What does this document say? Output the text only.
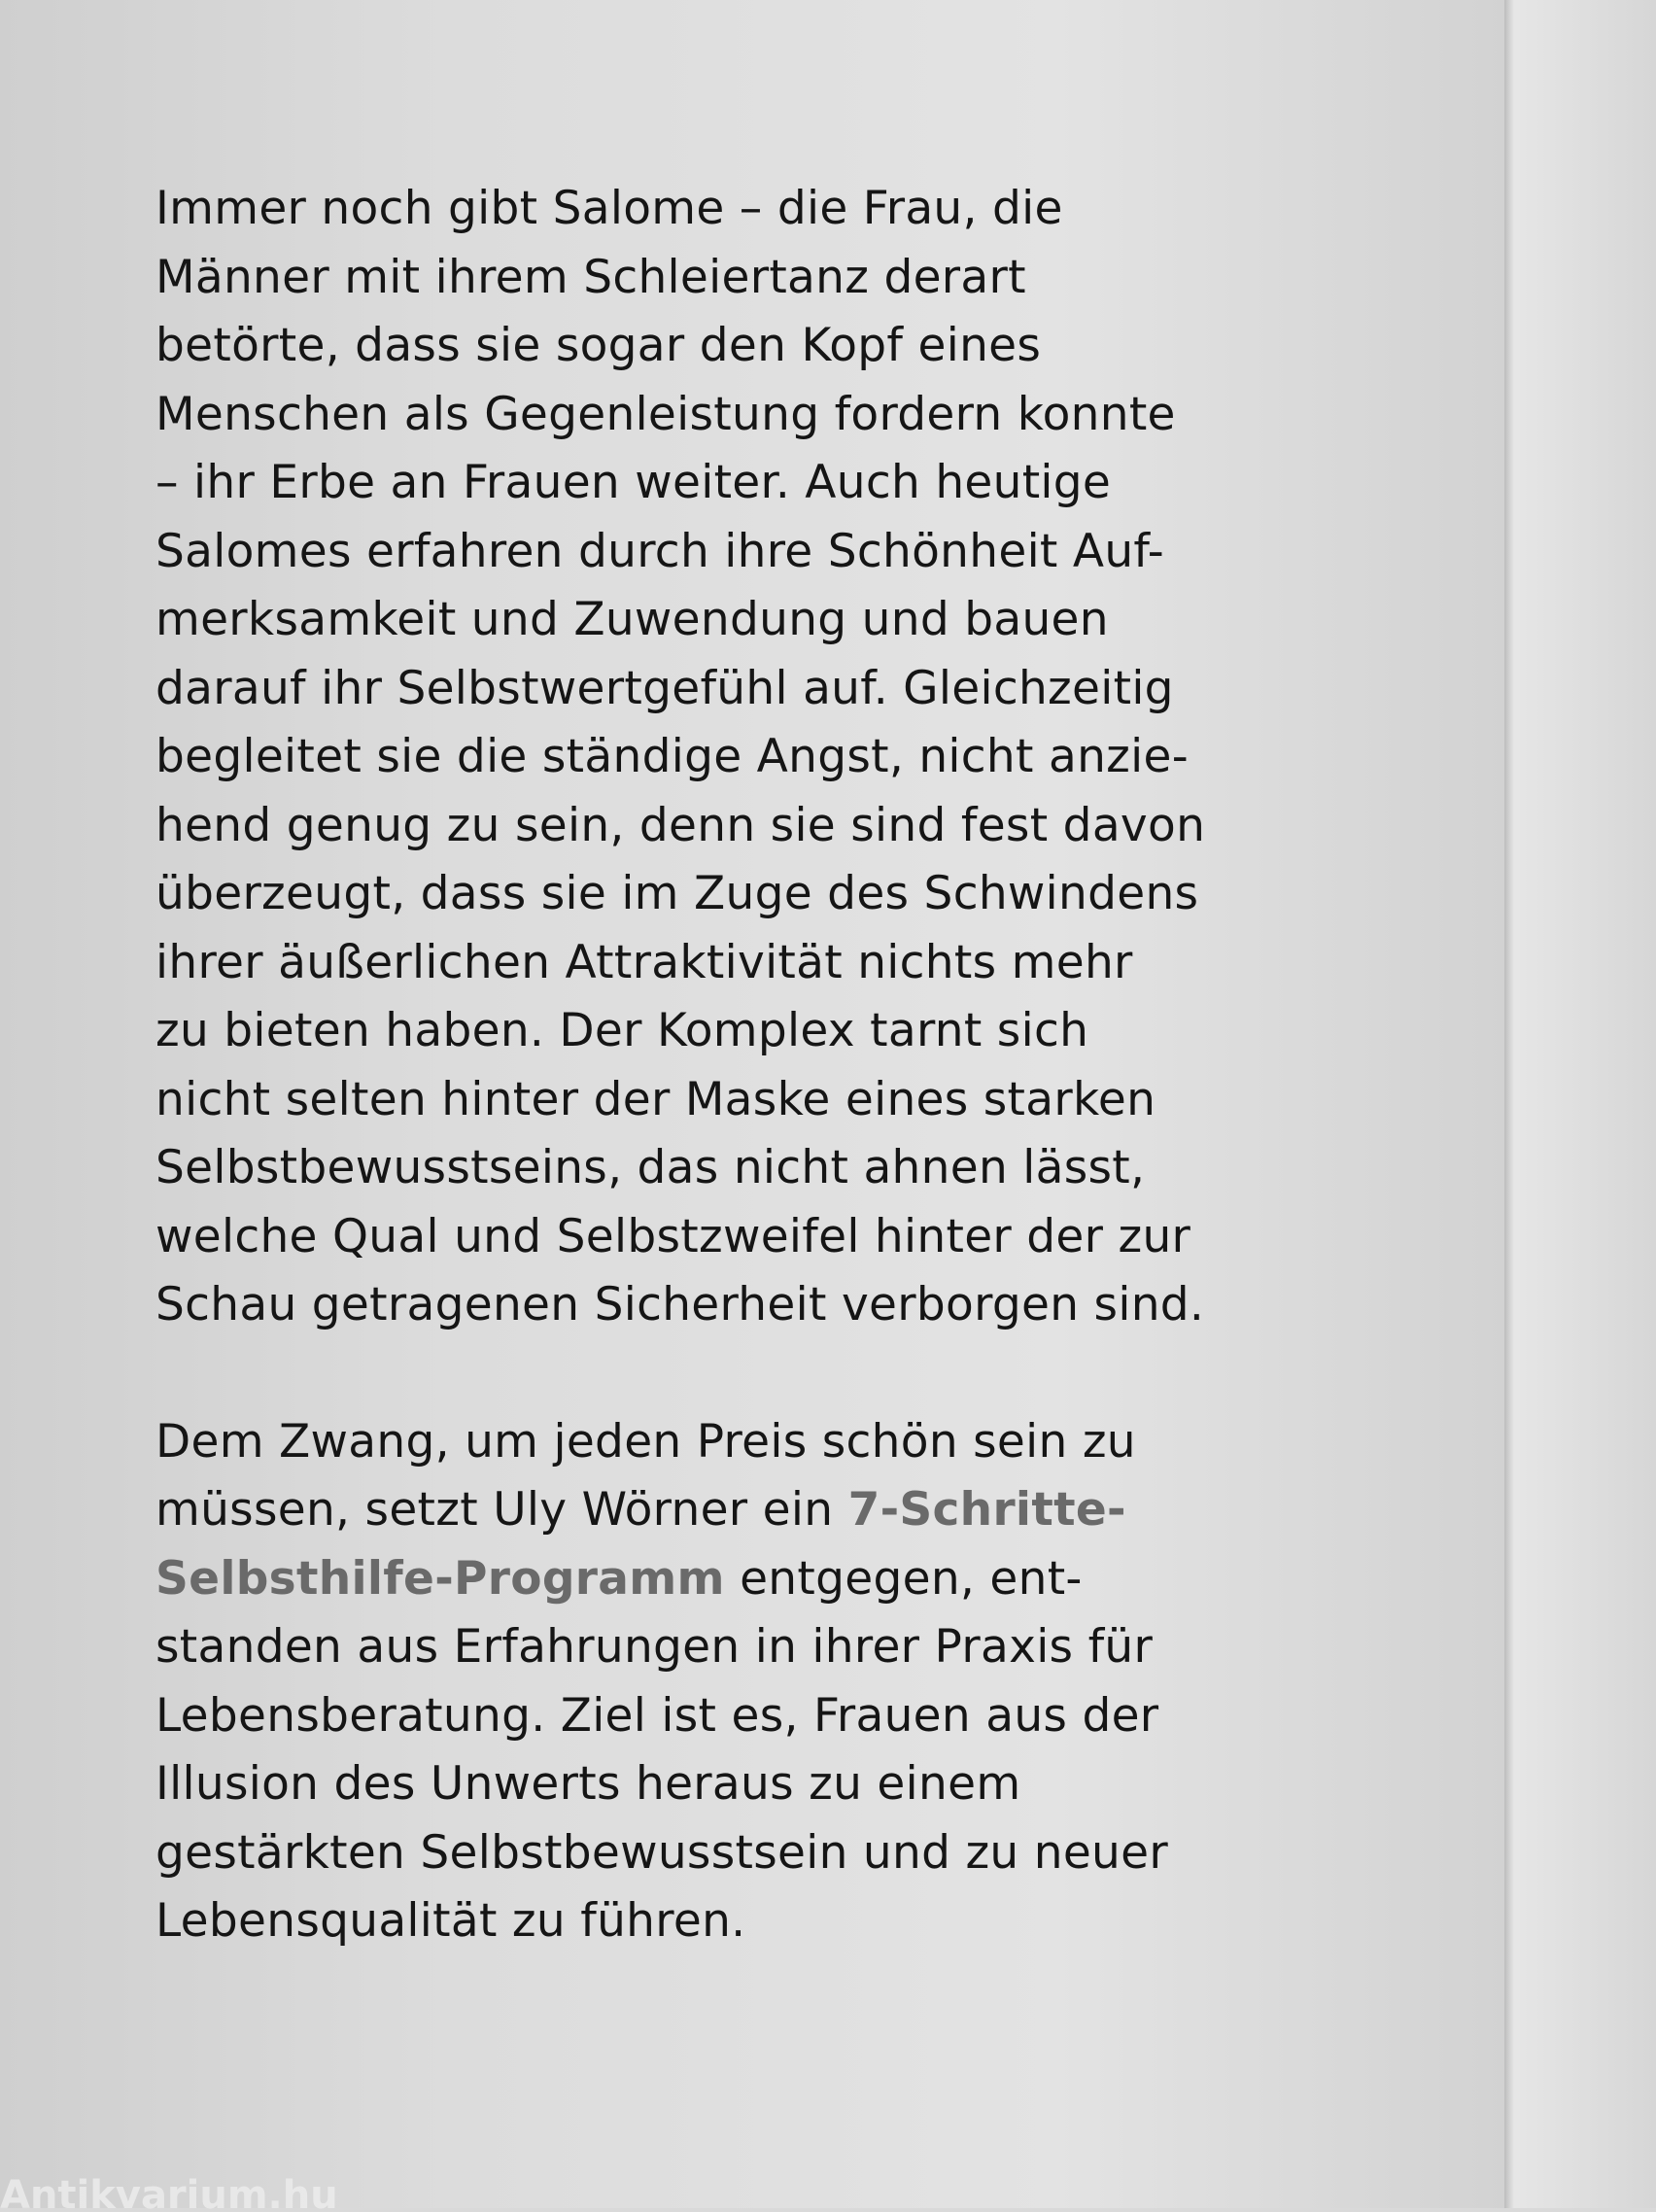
Immer noch gibt Salome – die Frau, die
Männer mit ihrem Schleiertanz derart
betörte, dass sie sogar den Kopf eines
Menschen als Gegenleistung fordern konnte
– ihr Erbe an Frauen weiter. Auch heutige
Salomes erfahren durch ihre Schönheit Auf-
merksamkeit und Zuwendung und bauen
darauf ihr Selbstwertgefühl auf. Gleichzeitig
begleitet sie die ständige Angst, nicht anzie-
hend genug zu sein, denn sie sind fest davon
überzeugt, dass sie im Zuge des Schwindens
ihrer äußerlichen Attraktivität nichts mehr
zu bieten haben. Der Komplex tarnt sich
nicht selten hinter der Maske eines starken
Selbstbewusstseins, das nicht ahnen lässt,
welche Qual und Selbstzweifel hinter der zur
Schau getragenen Sicherheit verborgen sind.
Dem Zwang, um jeden Preis schön sein zu
müssen, setzt Uly Wörner ein 7-Schritte-
Selbsthilfe-Programm entgegen, ent-
standen aus Erfahrungen in ihrer Praxis für
Lebensberatung. Ziel ist es, Frauen aus der
Illusion des Unwerts heraus zu einem
gestärkten Selbstbewusstsein und zu neuer
Lebensqualität zu führen.
Antikvarium.hu
